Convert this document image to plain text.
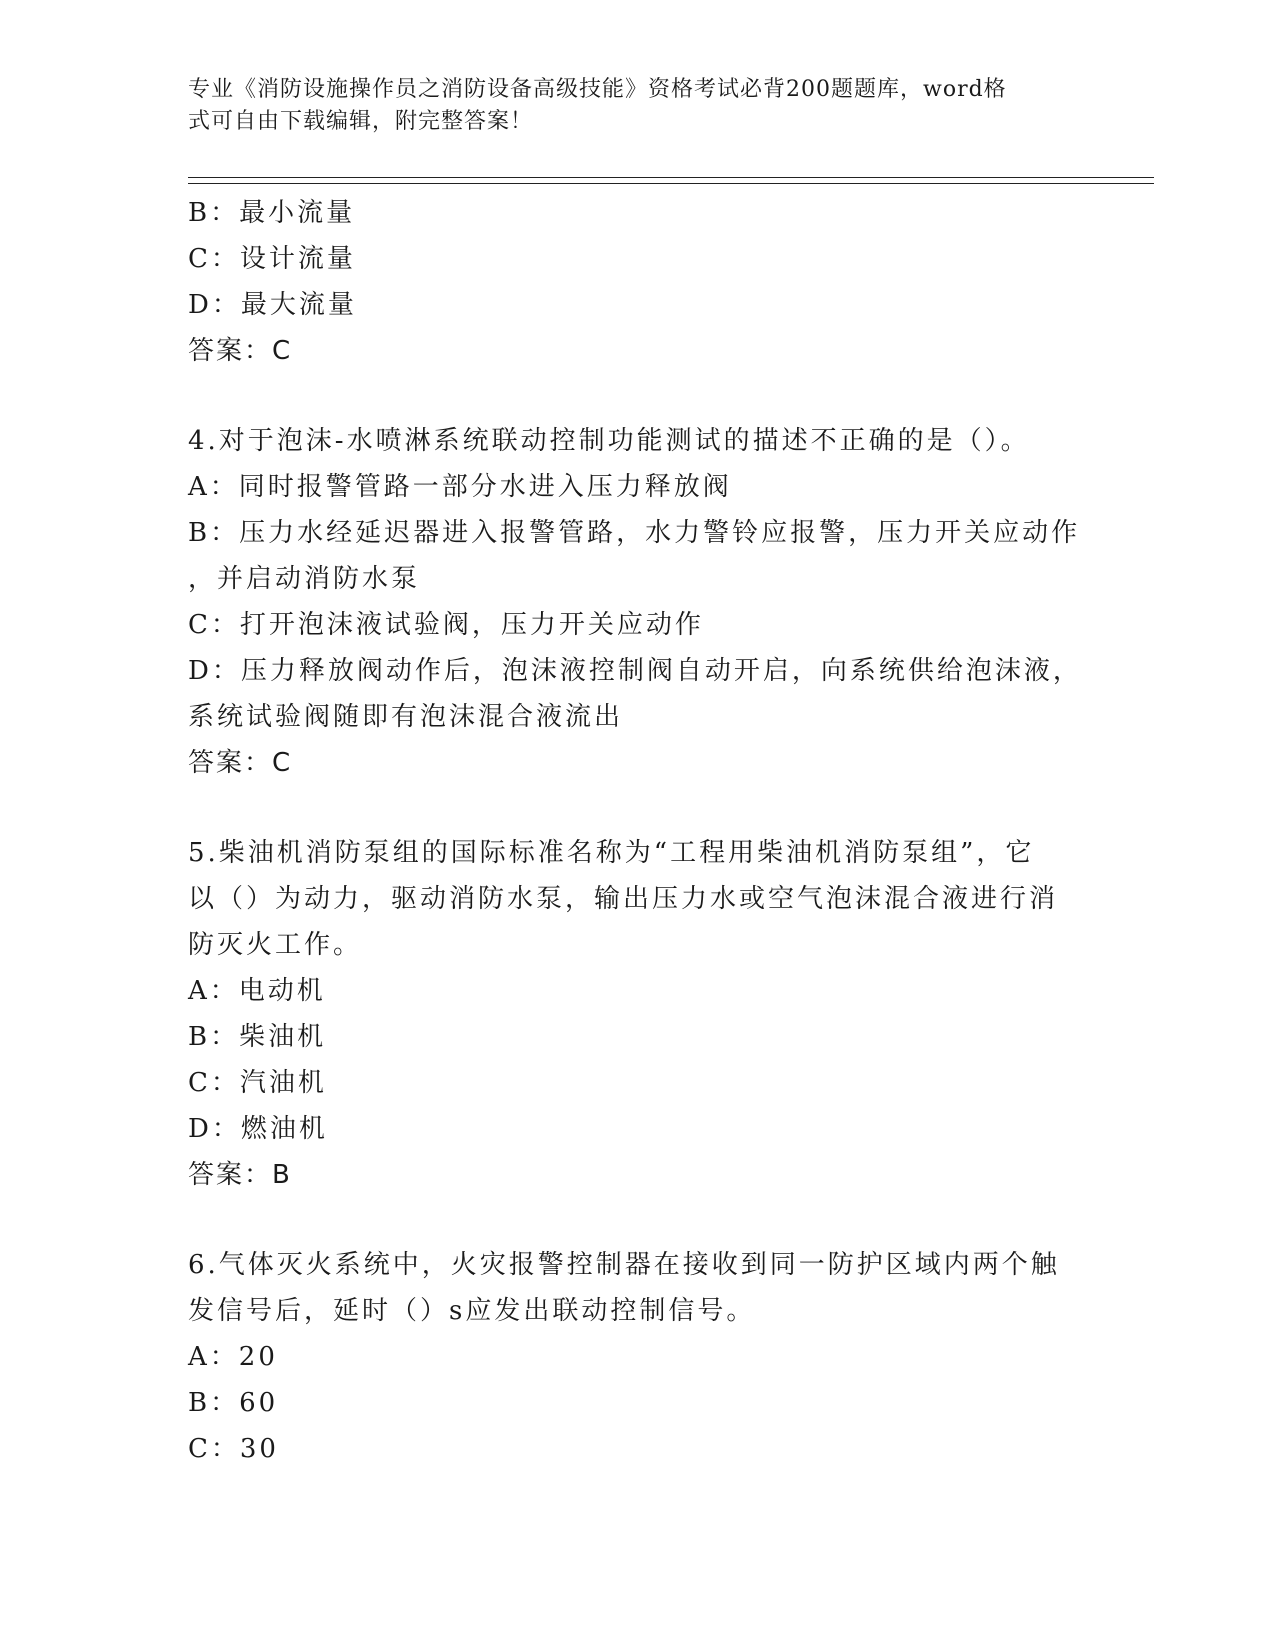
专业《消防设施操作员之消防设备高级技能》资格考试必背200题题库，word格
式可自由下载编辑，附完整答案！
B：最小流量
C：设计流量
D：最大流量
答案：C
4.对于泡沫-水喷淋系统联动控制功能测试的描述不正确的是（）。
A：同时报警管路一部分水进入压力释放阀
B：压力水经延迟器进入报警管路，水力警铃应报警，压力开关应动作
，并启动消防水泵
C：打开泡沫液试验阀，压力开关应动作
D：压力释放阀动作后，泡沫液控制阀自动开启，向系统供给泡沫液，
系统试验阀随即有泡沫混合液流出
答案：C
5.柴油机消防泵组的国际标准名称为“工程用柴油机消防泵组”，它
以（）为动力，驱动消防水泵，输出压力水或空气泡沫混合液进行消
防灭火工作。
A：电动机
B：柴油机
C：汽油机
D：燃油机
答案：B
6.气体灭火系统中，火灾报警控制器在接收到同一防护区域内两个触
发信号后，延时（）s应发出联动控制信号。
A：20
B：60
C：30
